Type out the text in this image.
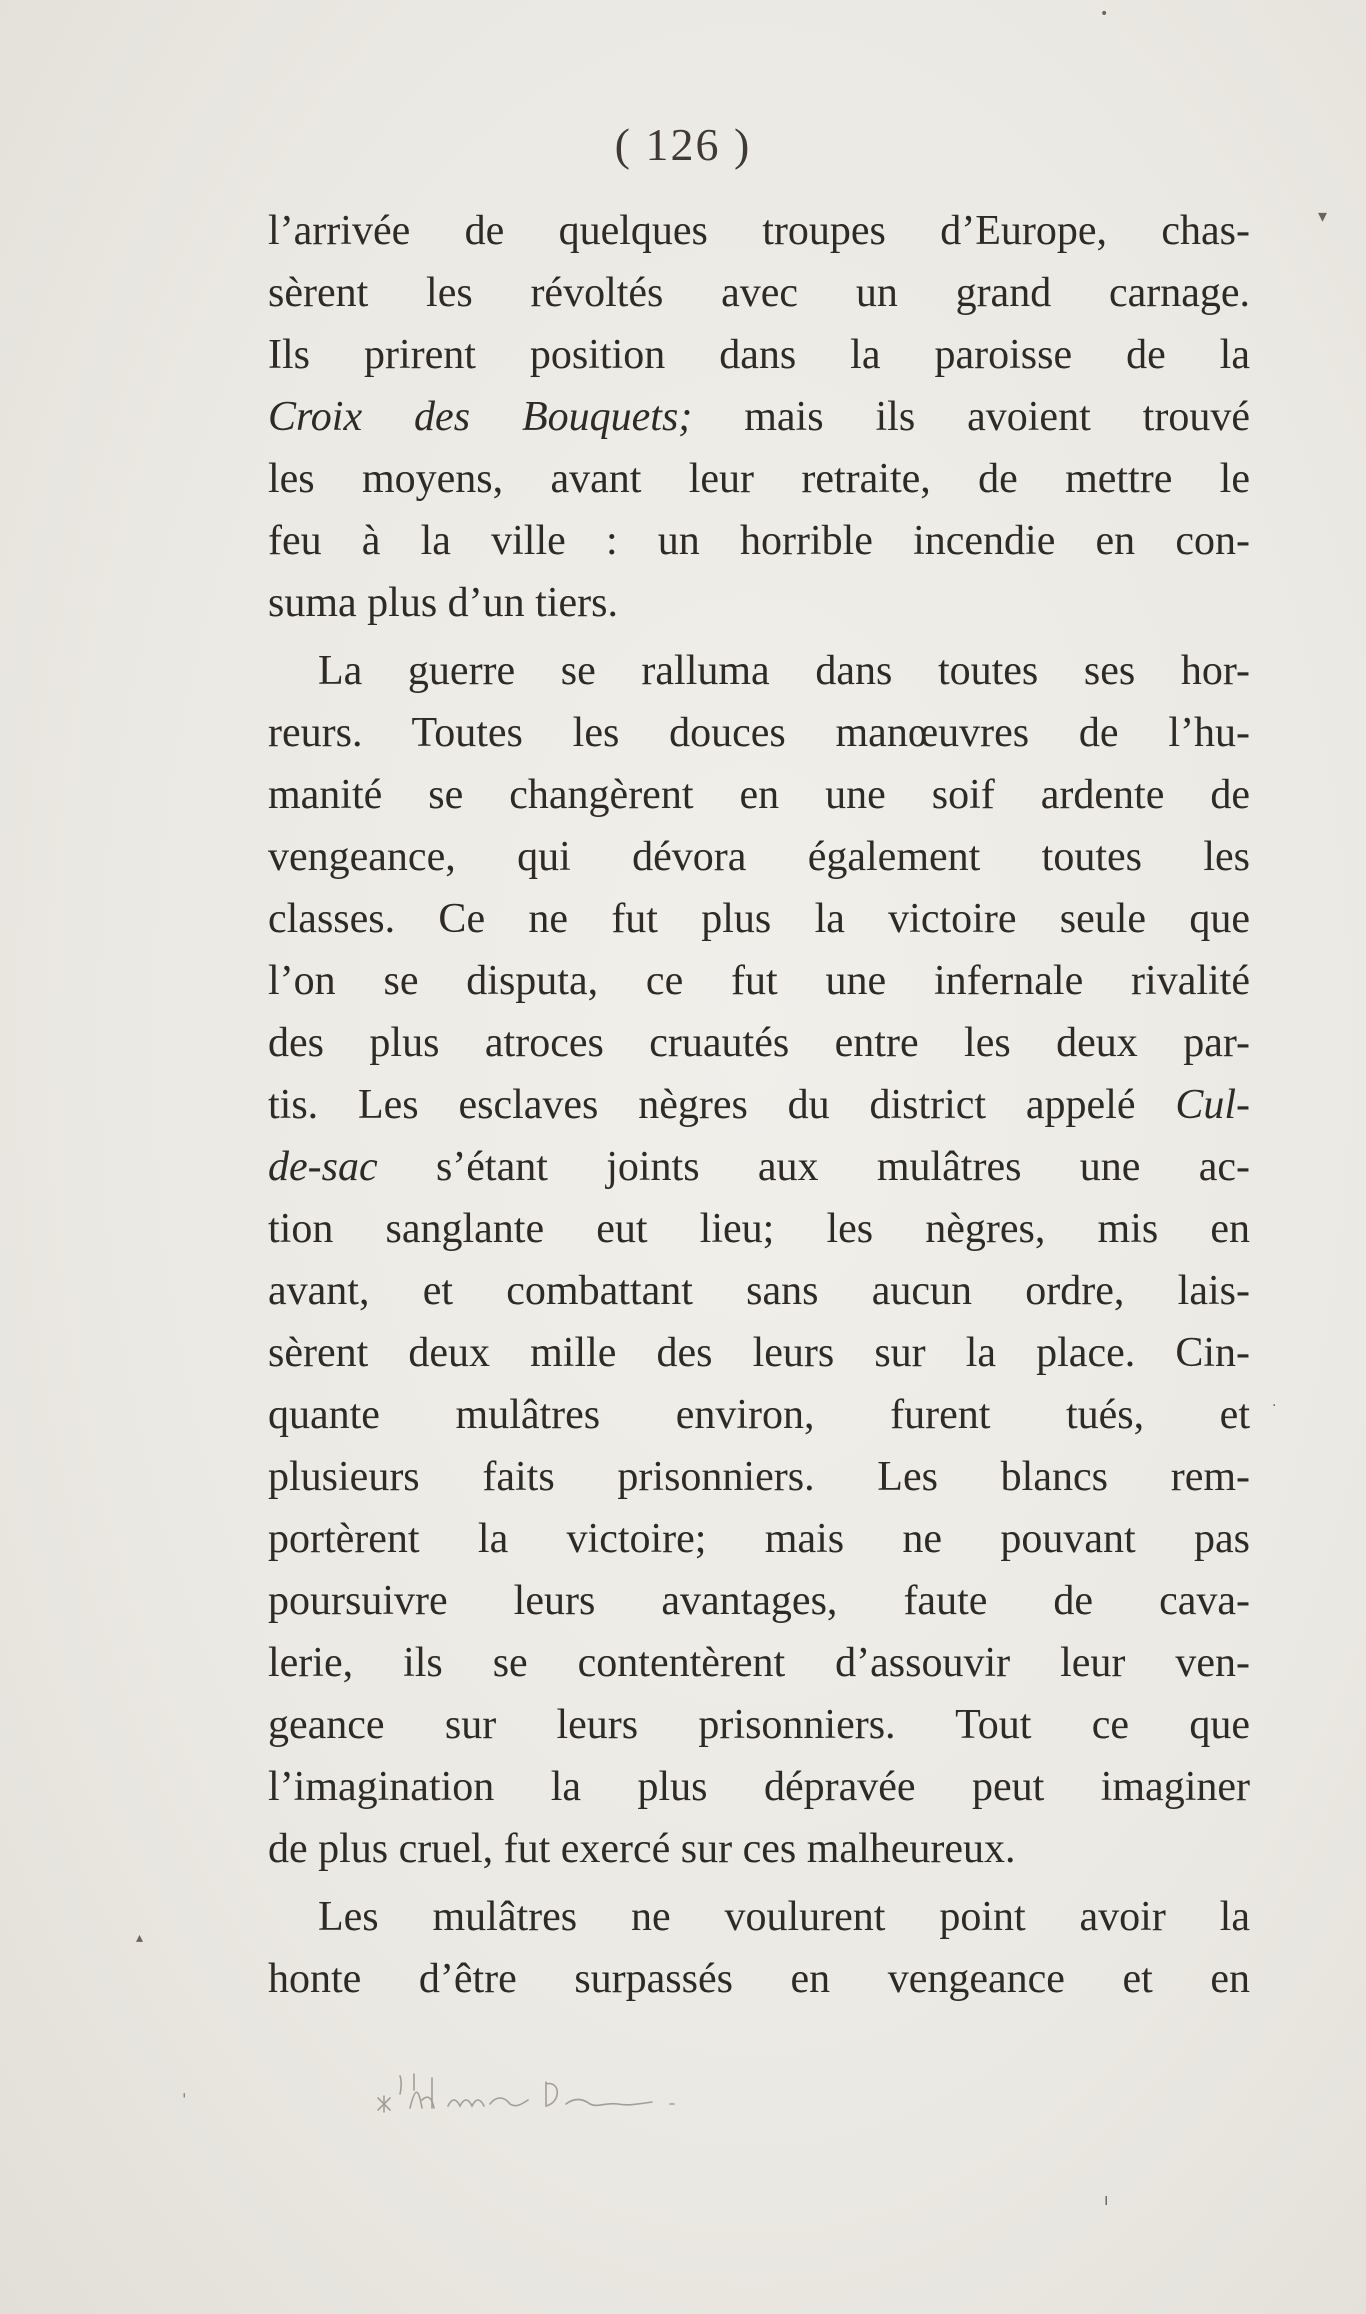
( 126 )
l’arrivée de quelques troupes d’Europe, chas-
sèrent les révoltés avec un grand carnage.
Ils prirent position dans la paroisse de la
Croix des Bouquets; mais ils avoient trouvé
les moyens, avant leur retraite, de mettre le
feu à la ville : un horrible incendie en con-
suma plus d’un tiers.
La guerre se ralluma dans toutes ses hor-
reurs. Toutes les douces manœuvres de l’hu-
manité se changèrent en une soif ardente de
vengeance, qui dévora également toutes les
classes. Ce ne fut plus la victoire seule que
l’on se disputa, ce fut une infernale rivalité
des plus atroces cruautés entre les deux par-
tis. Les esclaves nègres du district appelé Cul-
de-sac s’étant joints aux mulâtres une ac-
tion sanglante eut lieu; les nègres, mis en
avant, et combattant sans aucun ordre, lais-
sèrent deux mille des leurs sur la place. Cin-
quante mulâtres environ, furent tués, et
plusieurs faits prisonniers. Les blancs rem-
portèrent la victoire; mais ne pouvant pas
poursuivre leurs avantages, faute de cava-
lerie, ils se contentèrent d’assouvir leur ven-
geance sur leurs prisonniers. Tout ce que
l’imagination la plus dépravée peut imaginer
de plus cruel, fut exercé sur ces malheureux.
Les mulâtres ne voulurent point avoir la
honte d’être surpassés en vengeance et en
•
▾
·
▴
ˌ
ı
